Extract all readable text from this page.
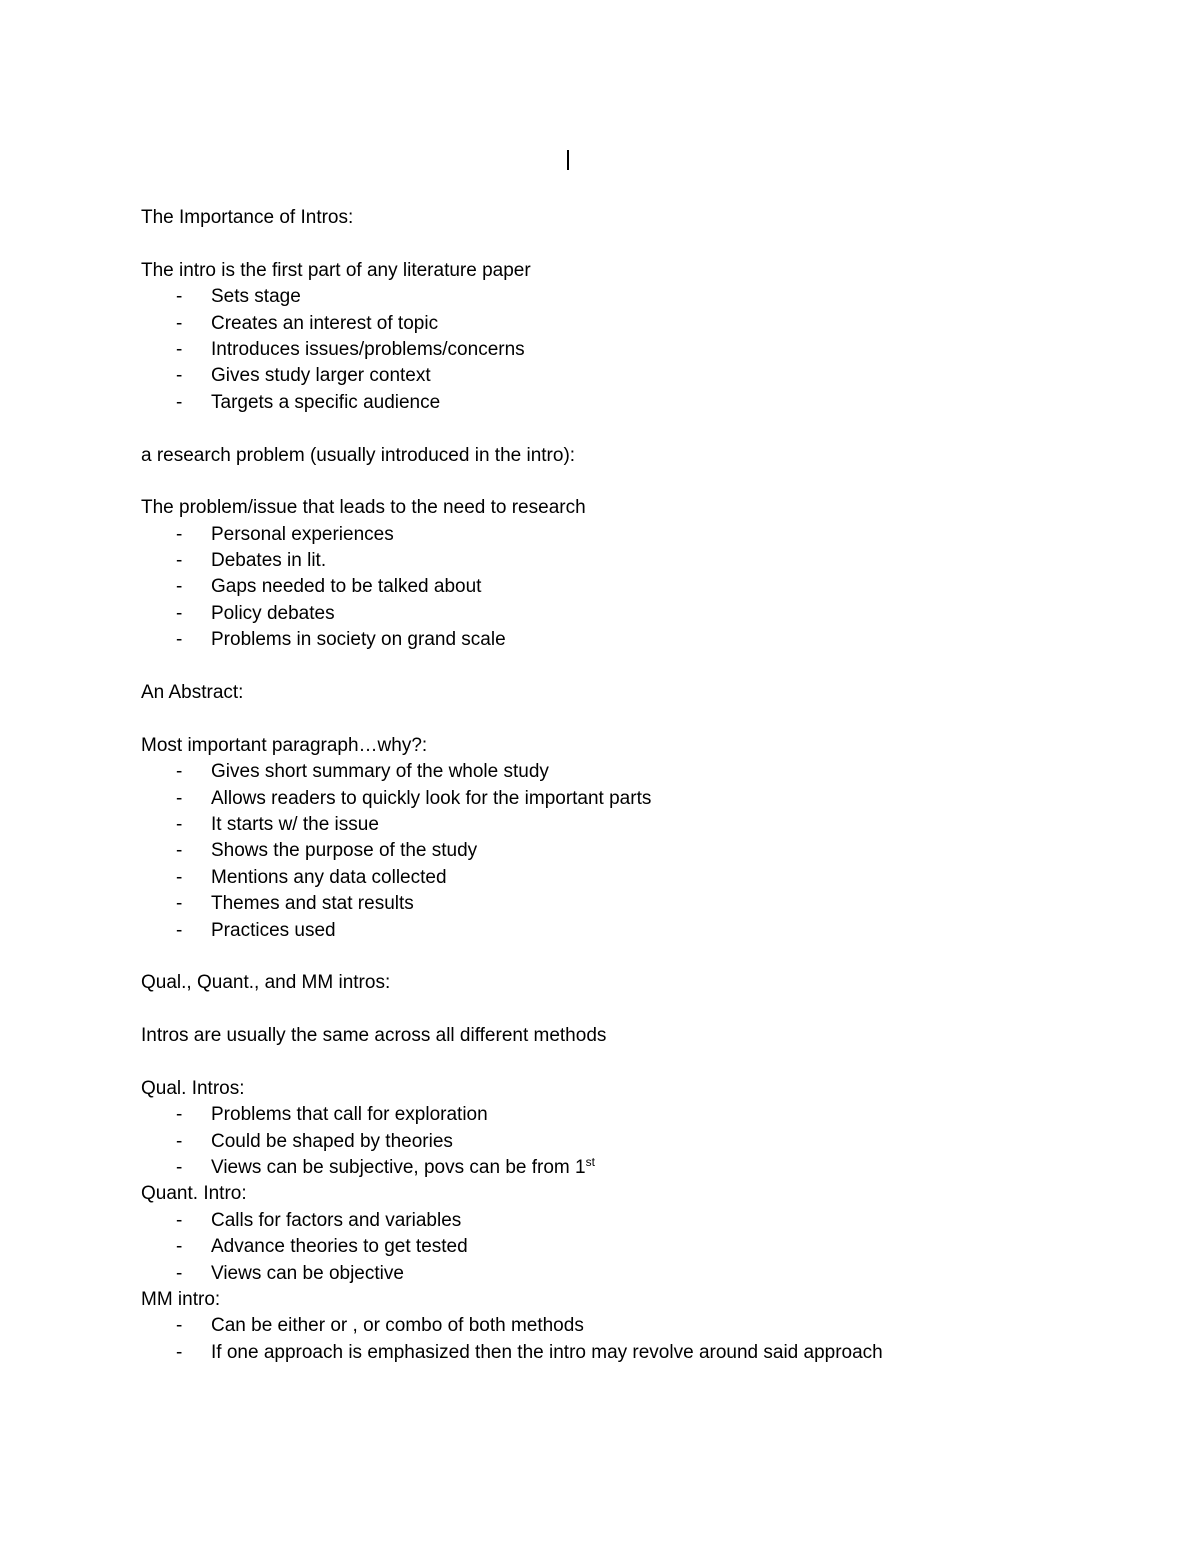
The Importance of Intros:
The intro is the first part of any literature paper
- Sets stage
- Creates an interest of topic
- Introduces issues/problems/concerns
- Gives study larger context
- Targets a specific audience
a research problem (usually introduced in the intro):
The problem/issue that leads to the need to research
- Personal experiences
- Debates in lit.
- Gaps needed to be talked about
- Policy debates
- Problems in society on grand scale
An Abstract:
Most important paragraph…why?:
- Gives short summary of the whole study
- Allows readers to quickly look for the important parts
- It starts w/ the issue
- Shows the purpose of the study
- Mentions any data collected
- Themes and stat results
- Practices used
Qual., Quant., and MM intros:
Intros are usually the same across all different methods
Qual. Intros:
- Problems that call for exploration
- Could be shaped by theories
- Views can be subjective, povs can be from 1st
Quant. Intro:
- Calls for factors and variables
- Advance theories to get tested
- Views can be objective
MM intro:
- Can be either or , or combo of both methods
- If one approach is emphasized then the intro may revolve around said approach
